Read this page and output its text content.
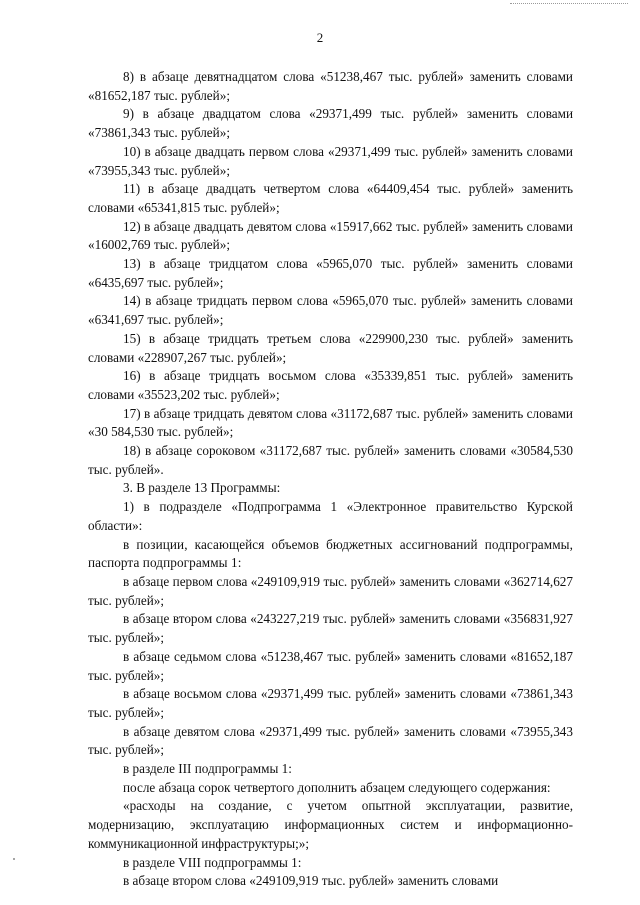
2

8) в абзаце девятнадцатом слова «51238,467 тыс. рублей» заменить словами «81652,187 тыс. рублей»;

9) в абзаце двадцатом слова «29371,499 тыс. рублей» заменить словами «73861,343 тыс. рублей»;

10) в абзаце двадцать первом слова «29371,499 тыс. рублей» заменить словами «73955,343 тыс. рублей»;

11) в абзаце двадцать четвертом слова «64409,454 тыс. рублей» заменить словами «65341,815 тыс. рублей»;

12) в абзаце двадцать девятом слова «15917,662 тыс. рублей» заменить словами «16002,769 тыс. рублей»;

13) в абзаце тридцатом слова «5965,070 тыс. рублей» заменить словами «6435,697 тыс. рублей»;

14) в абзаце тридцать первом слова «5965,070 тыс. рублей» заменить словами «6341,697 тыс. рублей»;

15) в абзаце тридцать третьем слова «229900,230 тыс. рублей» заменить словами «228907,267 тыс. рублей»;

16) в абзаце тридцать восьмом слова «35339,851 тыс. рублей» заменить словами «35523,202 тыс. рублей»;

17) в абзаце тридцать девятом слова «31172,687 тыс. рублей» заменить словами «30 584,530 тыс. рублей»;

18) в абзаце сороковом «31172,687 тыс. рублей» заменить словами «30584,530 тыс. рублей».

3. В разделе 13 Программы:

1) в подразделе «Подпрограмма 1 «Электронное правительство Курской области»:

в позиции, касающейся объемов бюджетных ассигнований подпрограммы, паспорта подпрограммы 1:

в абзаце первом слова «249109,919 тыс. рублей» заменить словами «362714,627 тыс. рублей»;

в абзаце втором слова «243227,219 тыс. рублей» заменить словами «356831,927 тыс. рублей»;

в абзаце седьмом слова «51238,467 тыс. рублей» заменить словами «81652,187 тыс. рублей»;

в абзаце восьмом слова «29371,499 тыс. рублей» заменить словами «73861,343 тыс. рублей»;

в абзаце девятом слова «29371,499 тыс. рублей» заменить словами «73955,343 тыс. рублей»;

в разделе III подпрограммы 1:

после абзаца сорок четвертого дополнить абзацем следующего содержания:

«расходы на создание, с учетом опытной эксплуатации, развитие, модернизацию, эксплуатацию информационных систем и информационно-коммуникационной инфраструктуры;»;

в разделе VIII подпрограммы 1:

в абзаце втором слова «249109,919 тыс. рублей» заменить словами
